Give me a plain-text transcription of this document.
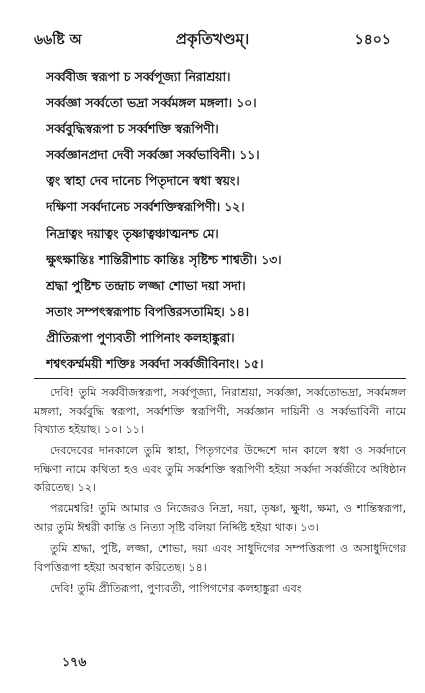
৬৬ষ্টি অ	প্রকৃতিখণ্ডম্।	১৪০১
সর্ব্ববীজ স্বরূপা চ সর্ব্বপূজ্যা নিরাশ্রয়া।
সর্ব্বজ্ঞা সর্ব্বতো ভদ্রা সর্ব্বমঙ্গল মঙ্গলা। ১০।
সর্ব্ববুদ্ধিস্বরূপা চ সর্ব্বশক্তি স্বরূপিণী।
সর্ব্বজ্ঞানপ্রদা দেবী সর্ব্বজ্ঞা সর্ব্বভাবিনী। ১১।
ত্বং স্বাহা দেব দানেচ পিতৃদানে স্বধা স্বয়ং।
দক্ষিণা সর্ব্বদানেচ সর্ব্বশক্তিস্বরূপিণী। ১২।
নিদ্রাত্বং দয়াত্বং তৃষ্ণাত্বঞ্চাত্মনশ্চ মে।
ক্ষুৎক্ষান্তিঃ শান্তিরীশাচ কান্তিঃ সৃষ্টিশ্চ শাশ্বতী। ১৩।
শ্রদ্ধা পুষ্টিশ্চ তন্দ্রাচ লজ্জা শোভা দয়া সদা।
সতাং সম্পৎস্বরূপাচ বিপত্তিরসতামিহ। ১৪।
প্রীতিরূপা পুণ্যবতী পাপিনাং কলহাঙ্কুরা।
শশ্বৎকর্ম্মময়ী শক্তিঃ সর্ব্বদা সর্ব্বজীবিনাং। ১৫।

দেবি! তুমি সর্ব্ববীজস্বরূপা, সর্ব্বপূজ্যা, নিরাশ্রয়া, সর্ব্বজ্ঞা, সর্ব্বতোভদ্রা, সর্ব্বমঙ্গল মঙ্গলা, সর্ব্ববুদ্ধি স্বরূপা, সর্ব্বশক্তি স্বরূপিণী, সর্ব্বজ্ঞান দায়িনী ও সর্ব্বভাবিনী নামে বিখ্যাত হইয়াছ। ১০। ১১।

দেবদেবের দানকালে তুমি স্বাহা, পিতৃগণের উদ্দেশে দান কালে স্বধা ও সর্ব্বদানে দক্ষিণা নামে কথিতা হও এবং তুমি সর্ব্বশক্তি স্বরূপিণী হইয়া সর্ব্বদা সর্ব্বজীবে অধিষ্ঠান করিতেছ। ১২।

পরমেশ্বরি! তুমি আমার ও নিজেরও নিদ্রা, দয়া, তৃষ্ণা, ক্ষুধা, ক্ষমা, ও শান্তিস্বরূপা, আর তুমি ঈশ্বরী কান্তি ও নিত্যা সৃষ্টি বলিয়া নির্দ্দিষ্ট হইয়া থাক। ১৩।

তুমি শ্রদ্ধা, পুষ্টি, লজ্জা, শোভা, দয়া এবং সাধুদিগের সম্পত্তিরূপা ও অসাধুদিগের বিপত্তিরূপা হইয়া অবস্থান করিতেছ। ১৪।

দেবি! তুমি প্রীতিরূপা, পুণ্যবতী, পাপিগণের কলহাঙ্কুরা এবং

১৭৬
